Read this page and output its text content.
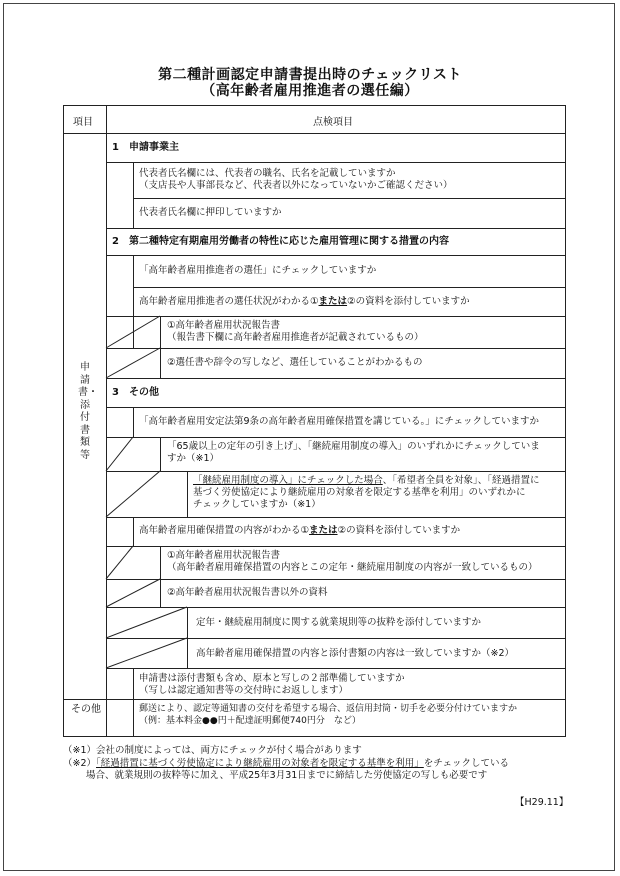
第二種計画認定申請書提出時のチェックリスト
（高年齢者雇用推進者の選任編）
項目	点検項目
申請書・添付書類等
その他
1　申請事業主
2　第二種特定有期雇用労働者の特性に応じた雇用管理に関する措置の内容
3　その他
代表者氏名欄には、代表者の職名、氏名を記載していますか
（支店長や人事部長など、代表者以外になっていないかご確認ください）
代表者氏名欄に押印していますか
「高年齢者雇用推進者の選任」にチェックしていますか
高年齢者雇用推進者の選任状況がわかる①または②の資料を添付していますか
①高年齢者雇用状況報告書
（報告書下欄に高年齢者雇用推進者が記載されているもの）
②選任書や辞令の写しなど、選任していることがわかるもの
「高年齢者雇用安定法第9条の高年齢者雇用確保措置を講じている。」にチェックしていますか
「65歳以上の定年の引き上げ」、「継続雇用制度の導入」のいずれかにチェックしていま
すか（※1）
「継続雇用制度の導入」にチェックした場合、「希望者全員を対象」、「経過措置に
基づく労使協定により継続雇用の対象者を限定する基準を利用」のいずれかに
チェックしていますか（※1）
高年齢者雇用確保措置の内容がわかる①または②の資料を添付していますか
①高年齢者雇用状況報告書
（高年齢者雇用確保措置の内容とこの定年・継続雇用制度の内容が一致しているもの）
②高年齢者雇用状況報告書以外の資料
定年・継続雇用制度に関する就業規則等の抜粋を添付していますか
高年齢者雇用確保措置の内容と添付書類の内容は一致していますか（※2）
申請書は添付書類も含め、原本と写しの２部準備していますか
（写しは認定通知書等の交付時にお返しします）
郵送により、認定等通知書の交付を希望する場合、返信用封筒・切手を必要分付けていますか
（例：基本料金●●円＋配達証明郵便740円分　など）
（※1）会社の制度によっては、両方にチェックが付く場合があります
（※2）「経過措置に基づく労使協定により継続雇用の対象者を限定する基準を利用」をチェックしている
場合、就業規則の抜粋等に加え、平成25年3月31日までに締結した労使協定の写しも必要です
【H29.11】
